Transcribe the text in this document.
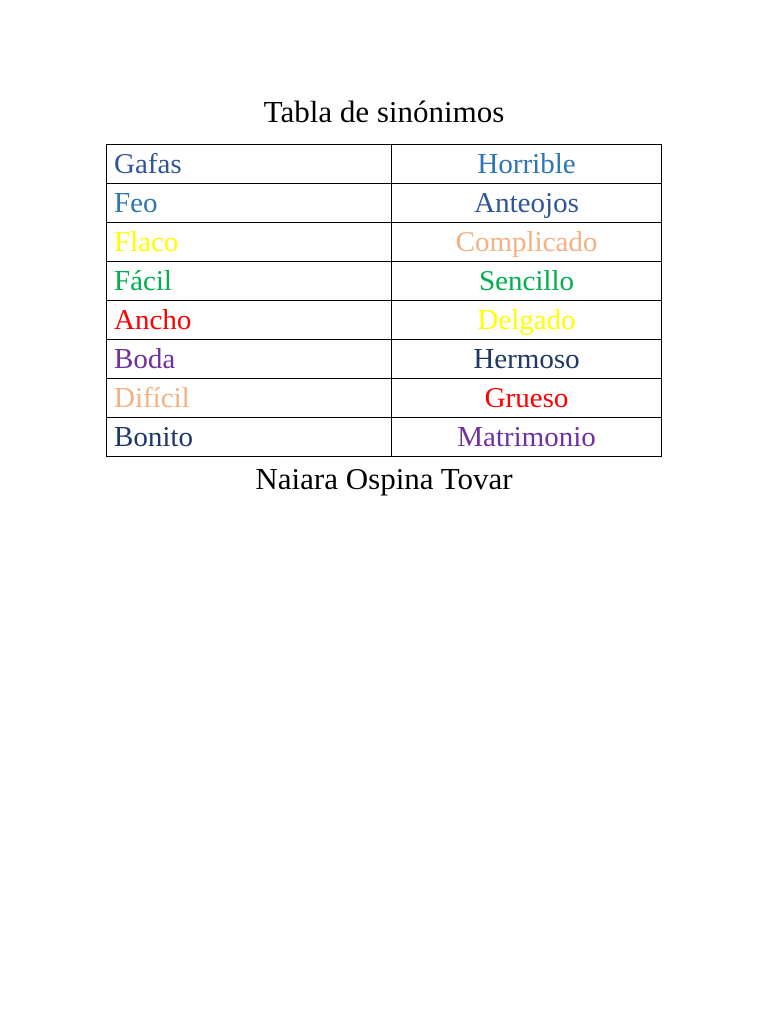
Tabla de sinónimos
Gafas	Horrible
Feo	Anteojos
Flaco	Complicado
Fácil	Sencillo
Ancho	Delgado
Boda	Hermoso
Difícil	Grueso
Bonito	Matrimonio
Naiara Ospina Tovar
